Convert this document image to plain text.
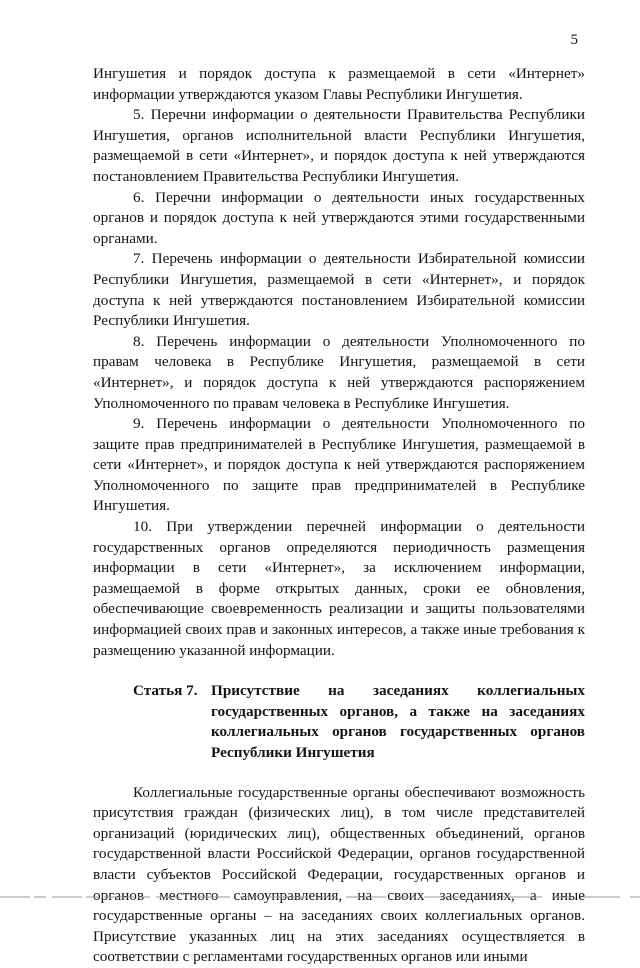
5

Ингушетия и порядок доступа к размещаемой в сети «Интернет» информации утверждаются указом Главы Республики Ингушетия.

5. Перечни информации о деятельности Правительства Республики Ингушетия, органов исполнительной власти Республики Ингушетия, размещаемой в сети «Интернет», и порядок доступа к ней утверждаются постановлением Правительства Республики Ингушетия.

6. Перечни информации о деятельности иных государственных органов и порядок доступа к ней утверждаются этими государственными органами.

7. Перечень информации о деятельности Избирательной комиссии Республики Ингушетия, размещаемой в сети «Интернет», и порядок доступа к ней утверждаются постановлением Избирательной комиссии Республики Ингушетия.

8. Перечень информации о деятельности Уполномоченного по правам человека в Республике Ингушетия, размещаемой в сети «Интернет», и порядок доступа к ней утверждаются распоряжением Уполномоченного по правам человека в Республике Ингушетия.

9. Перечень информации о деятельности Уполномоченного по защите прав предпринимателей в Республике Ингушетия, размещаемой в сети «Интернет», и порядок доступа к ней утверждаются распоряжением Уполномоченного по защите прав предпринимателей в Республике Ингушетия.

10. При утверждении перечней информации о деятельности государственных органов определяются периодичность размещения информации в сети «Интернет», за исключением информации, размещаемой в форме открытых данных, сроки ее обновления, обеспечивающие своевременность реализации и защиты пользователями информацией своих прав и законных интересов, а также иные требования к размещению указанной информации.

Статья 7. Присутствие на заседаниях коллегиальных государственных органов, а также на заседаниях коллегиальных органов государственных органов Республики Ингушетия

Коллегиальные государственные органы обеспечивают возможность присутствия граждан (физических лиц), в том числе представителей организаций (юридических лиц), общественных объединений, органов государственной власти Российской Федерации, органов государственной власти субъектов Российской Федерации, государственных органов и органов местного самоуправления, на своих заседаниях, а иные государственные органы – на заседаниях своих коллегиальных органов. Присутствие указанных лиц на этих заседаниях осуществляется в соответствии с регламентами государственных органов или иными
